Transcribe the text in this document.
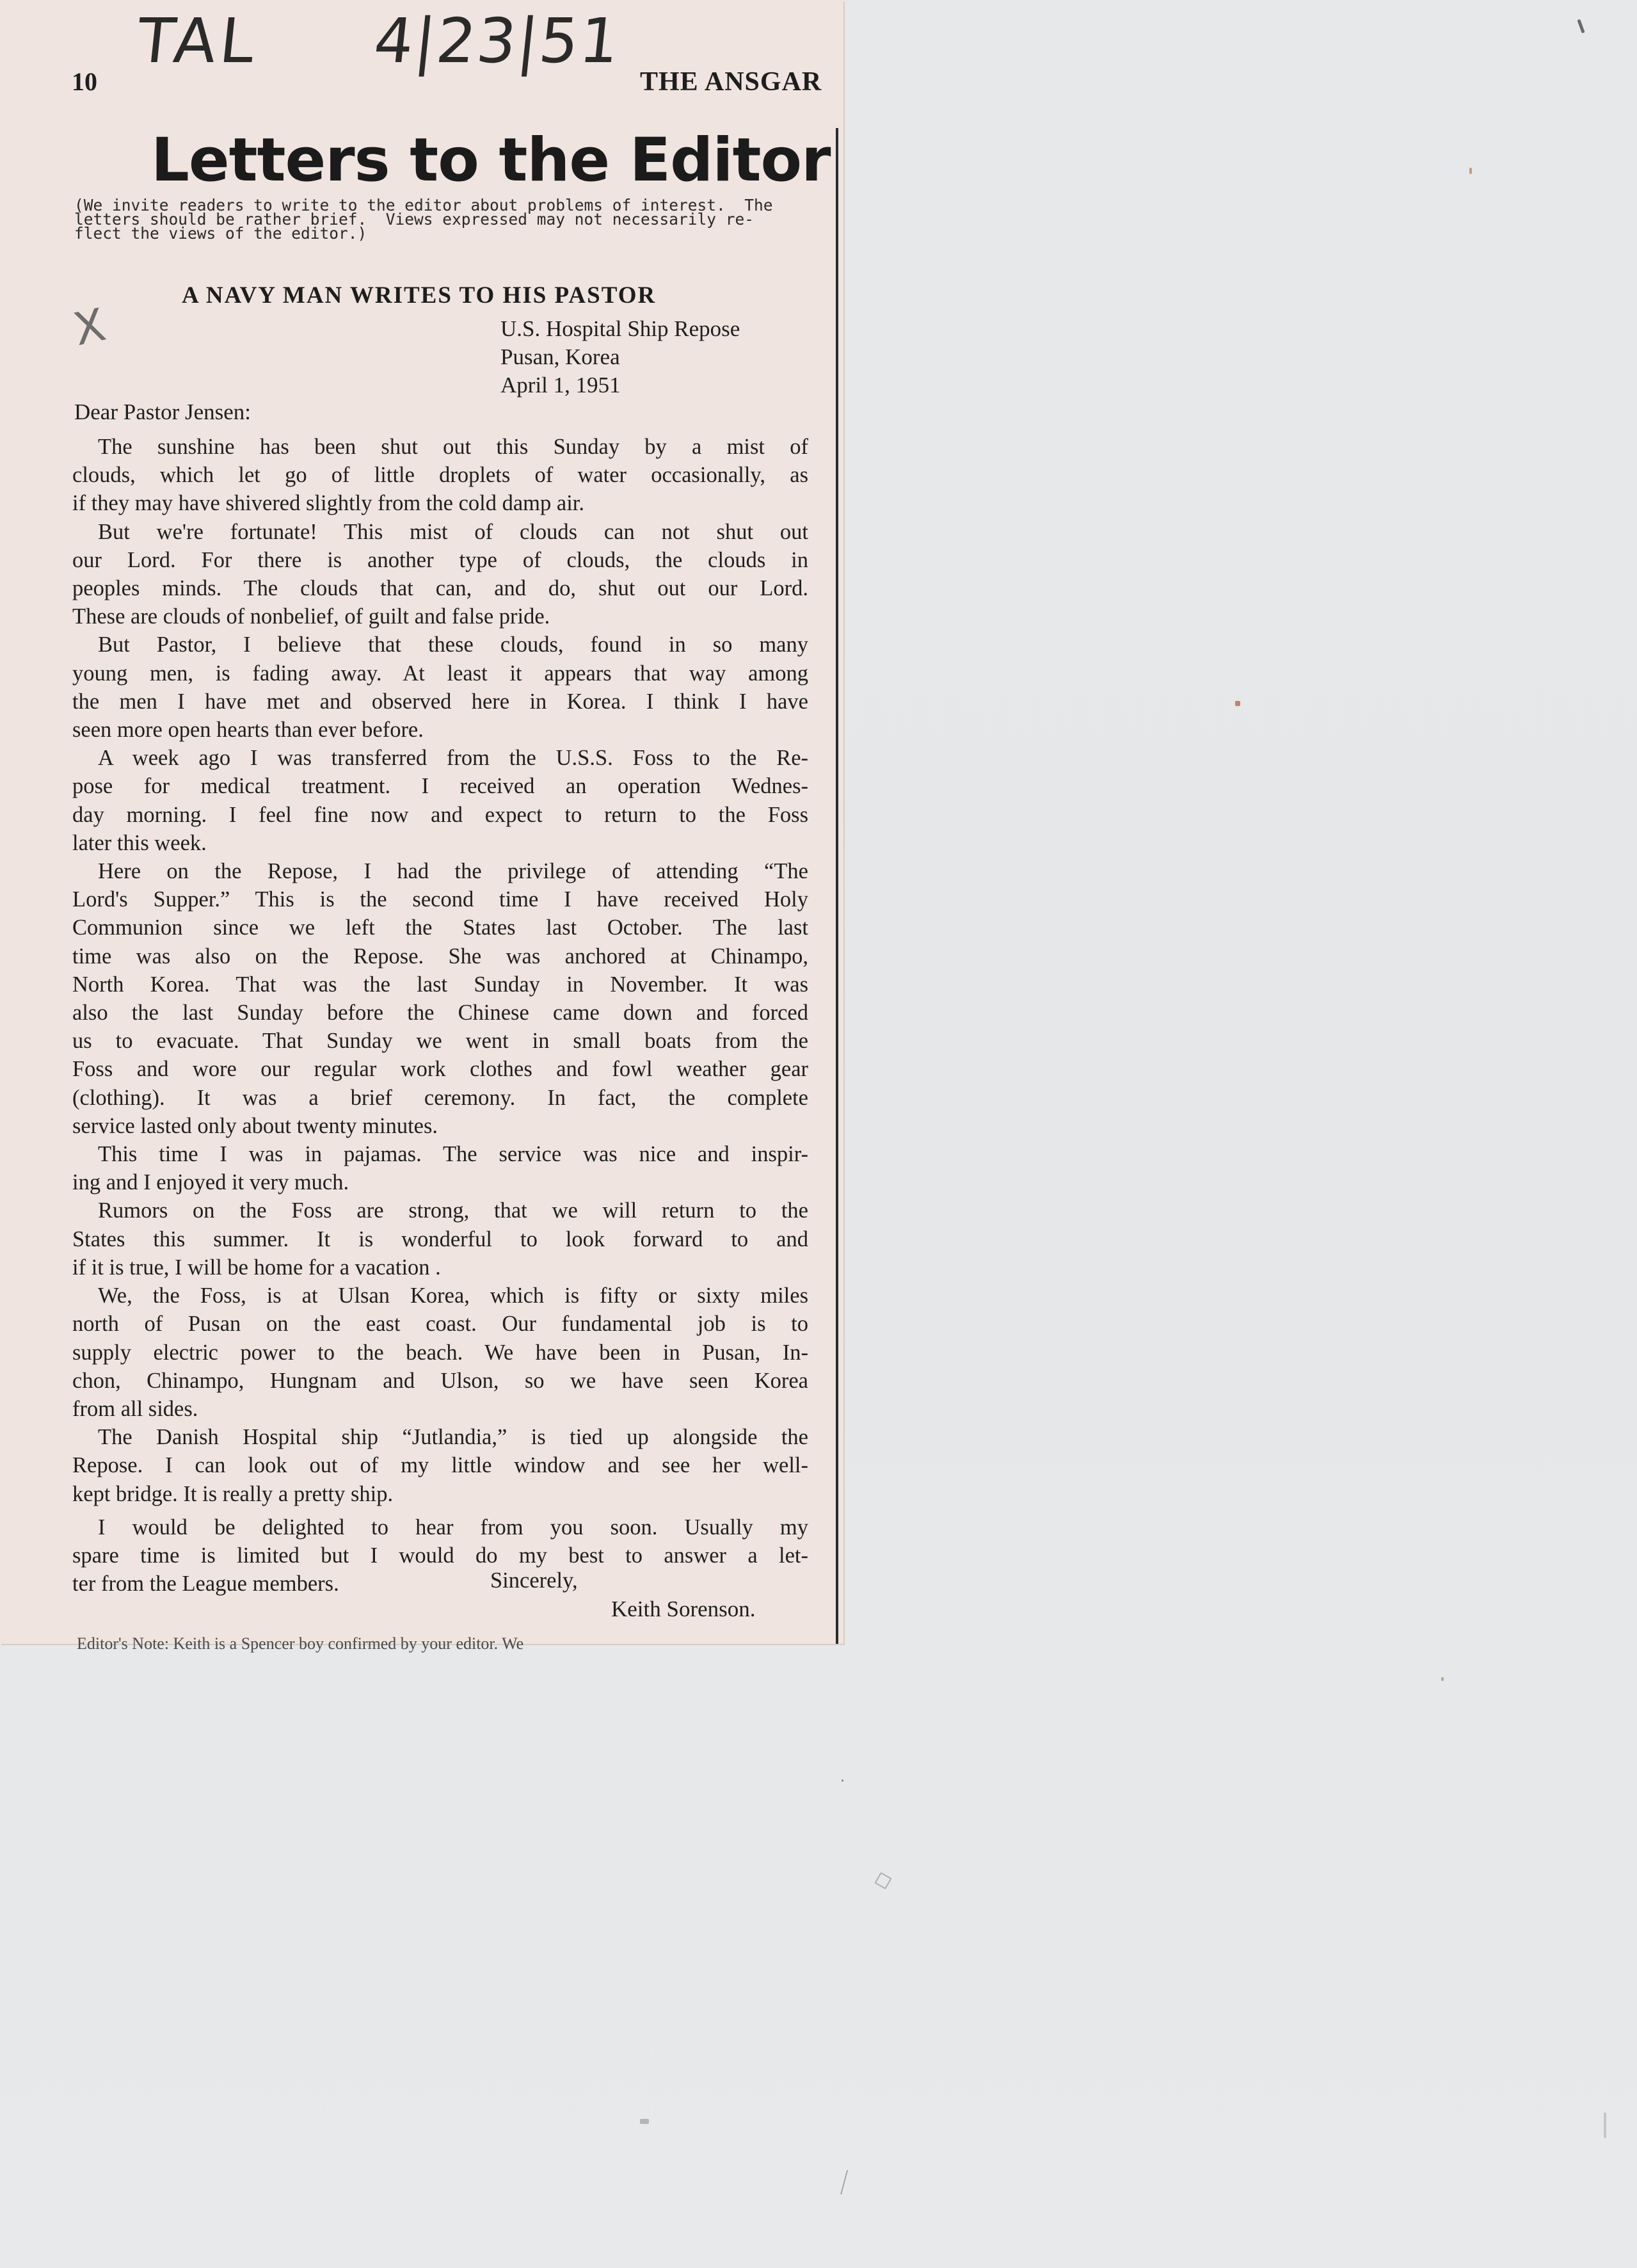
TAL 4|23|51
10	THE ANSGAR
Letters to the Editor
(We invite readers to write to the editor about problems of interest.  The
letters should be rather brief.  Views expressed may not necessarily re-
flect the views of the editor.)
A NAVY MAN WRITES TO HIS PASTOR
X	U.S. Hospital Ship Repose
Pusan, Korea
April 1, 1951
Dear Pastor Jensen:
The sunshine has been shut out this Sunday by a mist of
clouds, which let go of little droplets of water occasionally, as
if they may have shivered slightly from the cold damp air.
But we're fortunate! This mist of clouds can not shut out
our Lord. For there is another type of clouds, the clouds in
peoples minds. The clouds that can, and do, shut out our Lord.
These are clouds of nonbelief, of guilt and false pride.
But Pastor, I believe that these clouds, found in so many
young men, is fading away. At least it appears that way among
the men I have met and observed here in Korea. I think I have
seen more open hearts than ever before.
A week ago I was transferred from the U.S.S. Foss to the Re-
pose for medical treatment. I received an operation Wednes-
day morning. I feel fine now and expect to return to the Foss
later this week.
Here on the Repose, I had the privilege of attending “The
Lord's Supper.” This is the second time I have received Holy
Communion since we left the States last October. The last
time was also on the Repose. She was anchored at Chinampo,
North Korea. That was the last Sunday in November. It was
also the last Sunday before the Chinese came down and forced
us to evacuate. That Sunday we went in small boats from the
Foss and wore our regular work clothes and fowl weather gear
(clothing). It was a brief ceremony. In fact, the complete
service lasted only about twenty minutes.
This time I was in pajamas. The service was nice and inspir-
ing and I enjoyed it very much.
Rumors on the Foss are strong, that we will return to the
States this summer. It is wonderful to look forward to and
if it is true, I will be home for a vacation .
We, the Foss, is at Ulsan Korea, which is fifty or sixty miles
north of Pusan on the east coast. Our fundamental job is to
supply electric power to the beach. We have been in Pusan, In-
chon, Chinampo, Hungnam and Ulson, so we have seen Korea
from all sides.
The Danish Hospital ship “Jutlandia,” is tied up alongside the
Repose. I can look out of my little window and see her well-
kept bridge. It is really a pretty ship.
I would be delighted to hear from you soon. Usually my
spare time is limited but I would do my best to answer a let-
ter from the League members.	Sincerely,
Keith Sorenson.
Editor's Note: Keith is a Spencer boy confirmed by your editor. We
